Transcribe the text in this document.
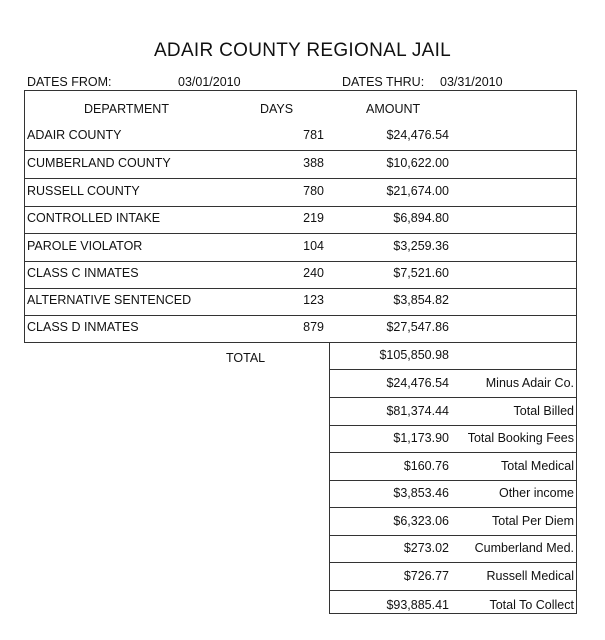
ADAIR COUNTY REGIONAL JAIL
DATES FROM:	03/01/2010	DATES THRU: 03/31/2010
DEPARTMENT	DAYS	AMOUNT
ADAIR COUNTY	781	$24,476.54
CUMBERLAND COUNTY	388	$10,622.00
RUSSELL COUNTY	780	$21,674.00
CONTROLLED INTAKE	219	$6,894.80
PAROLE VIOLATOR	104	$3,259.36
CLASS C INMATES	240	$7,521.60
ALTERNATIVE SENTENCED	123	$3,854.82
CLASS D INMATES	879	$27,547.86
TOTAL	$105,850.98
$24,476.54	Minus Adair Co.
$81,374.44	Total Billed
$1,173.90 Total Booking Fees
$160.76	Total Medical
$3,853.46	Other income
$6,323.06	Total Per Diem
$273.02 Cumberland Med.
$726.77	Russell Medical
$93,885.41	Total To Collect
